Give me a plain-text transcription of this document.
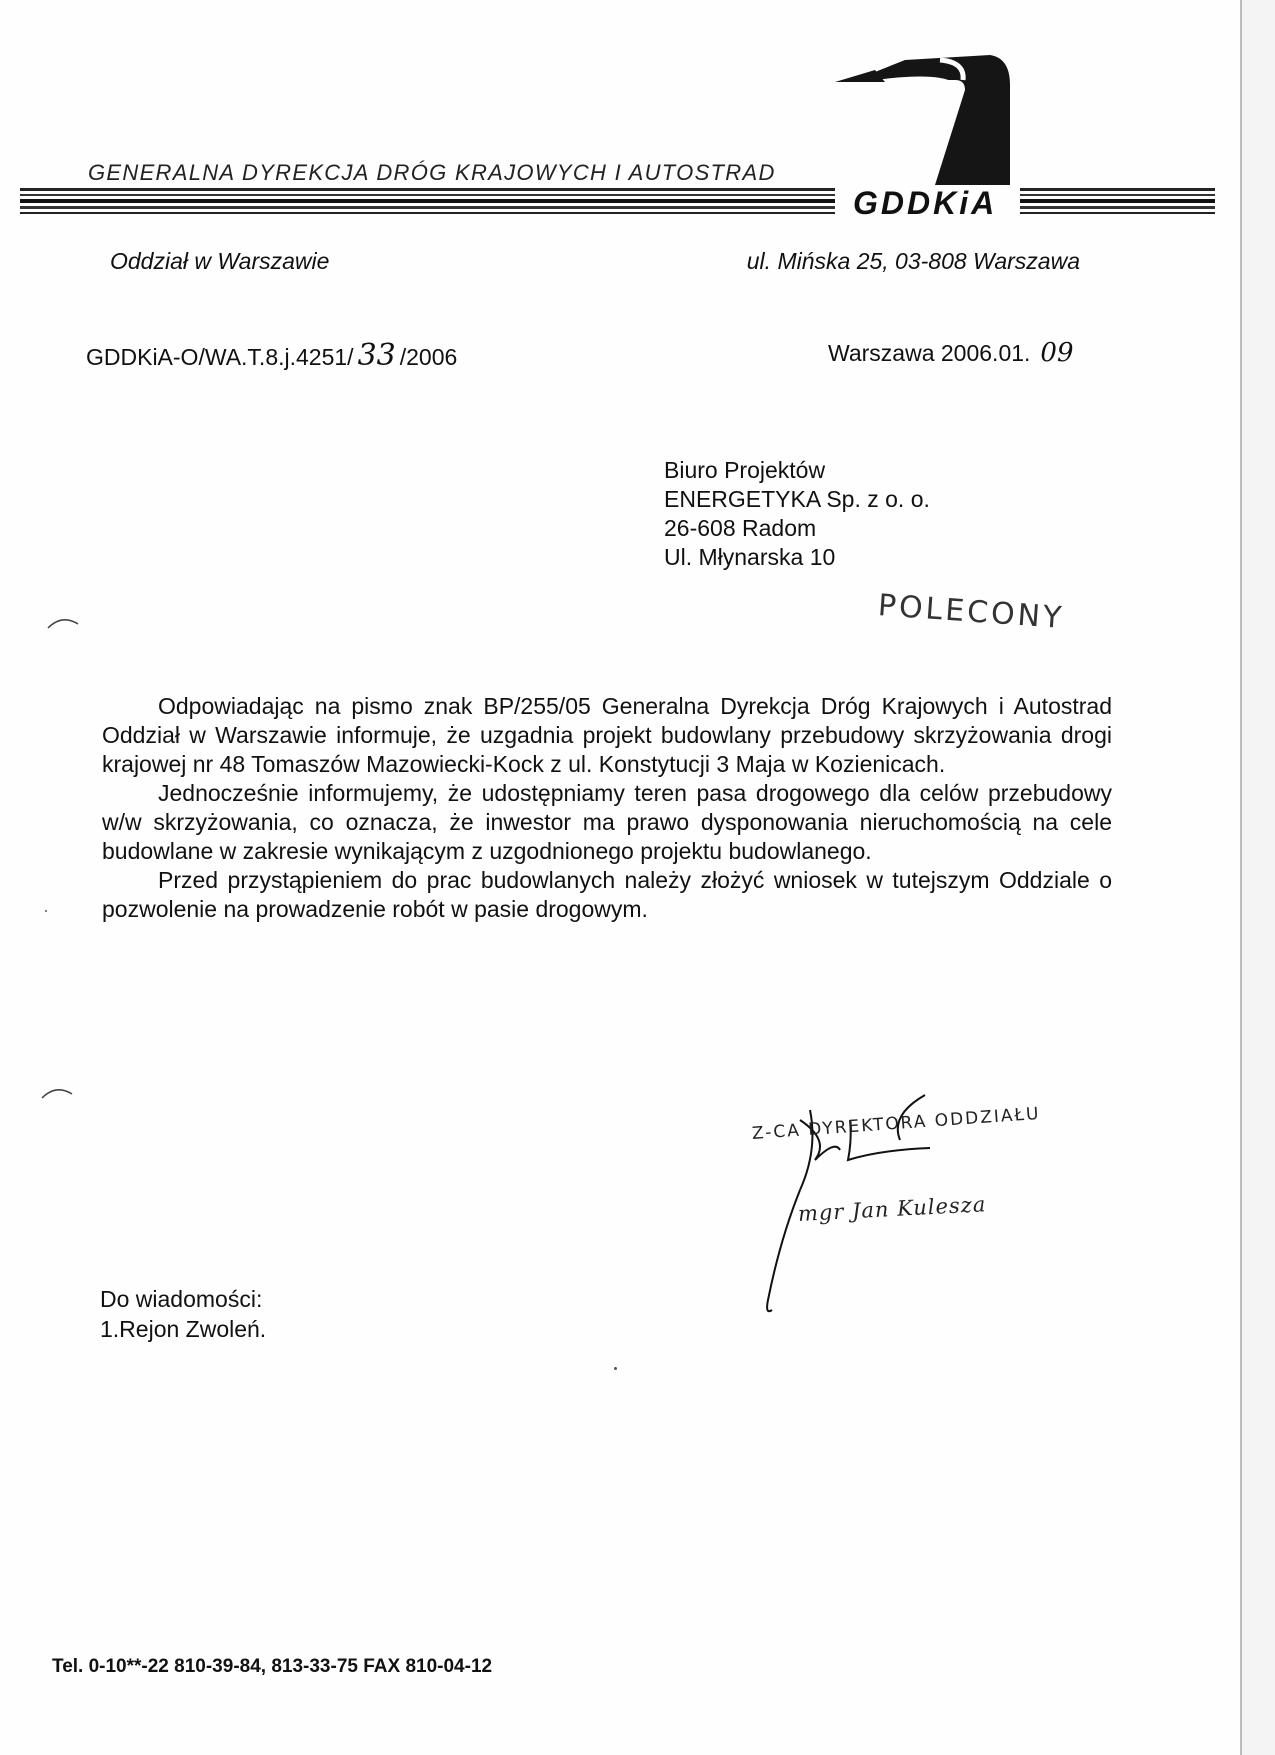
GENERALNA DYREKCJA DRÓG KRAJOWYCH I AUTOSTRAD
GDDKiA
Oddział w Warszawie	ul. Mińska 25, 03-808 Warszawa
GDDKiA-O/WA.T.8.j.4251/ 33 /2006	Warszawa 2006.01. 09
Biuro Projektów
ENERGETYKA Sp. z o. o.
26-608 Radom
Ul. Młynarska 10
POLECONY

Odpowiadając na pismo znak BP/255/05 Generalna Dyrekcja Dróg Krajowych i Autostrad Oddział w Warszawie informuje, że uzgadnia projekt budowlany przebudowy skrzyżowania drogi krajowej nr 48 Tomaszów Mazowiecki-Kock z ul. Konstytucji 3 Maja w Kozienicach.

Jednocześnie informujemy, że udostępniamy teren pasa drogowego dla celów przebudowy w/w skrzyżowania, co oznacza, że inwestor ma prawo dysponowania nieruchomością na cele budowlane w zakresie wynikającym z uzgodnionego projektu budowlanego.

Przed przystąpieniem do prac budowlanych należy złożyć wniosek w tutejszym Oddziale o pozwolenie na prowadzenie robót w pasie drogowym.

Z-CA DYREKTORA ODDZIAŁU
mgr Jan Kulesza
Do wiadomości:
1.Rejon Zwoleń.
Tel. 0-10**-22 810-39-84, 813-33-75 FAX 810-04-12
